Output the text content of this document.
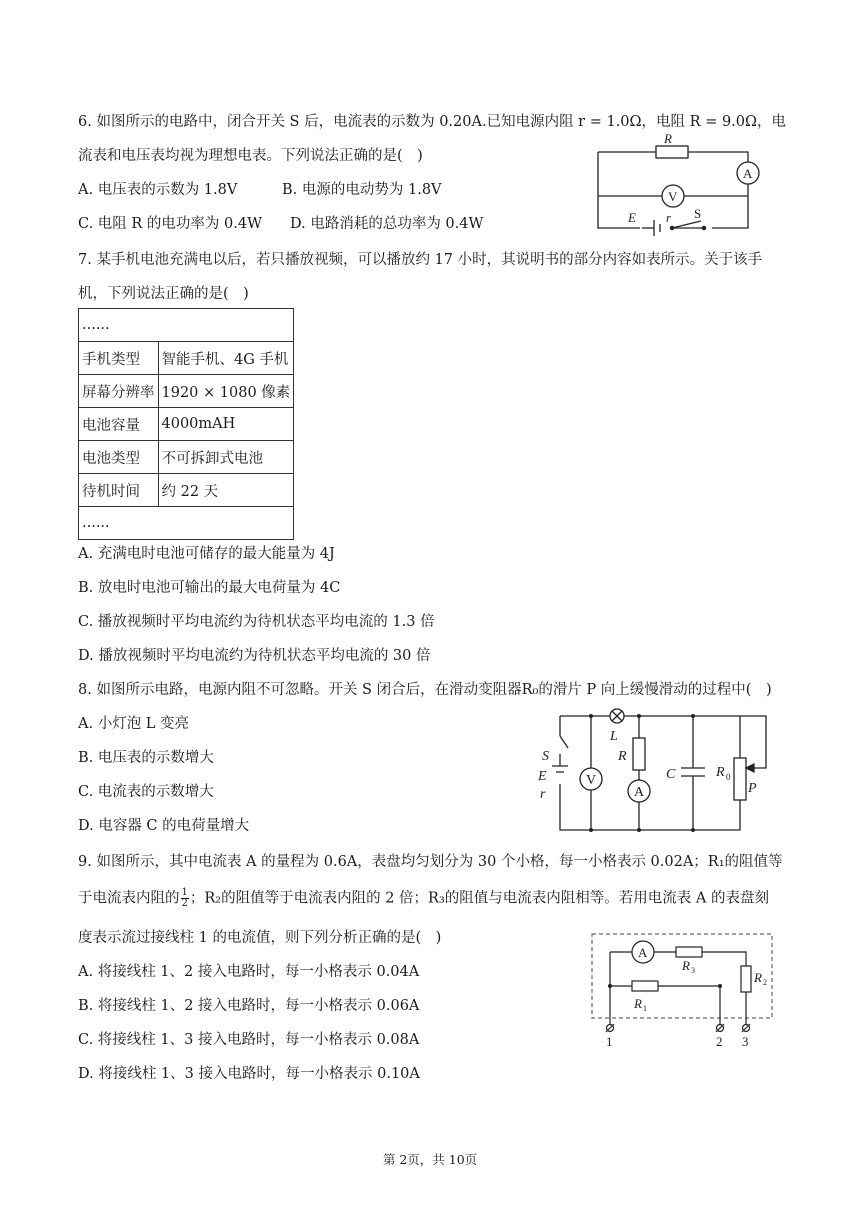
6. 如图所示的电路中，闭合开关 S 后，电流表的示数为 0.20A.已知电源内阻 r = 1.0Ω，电阻 R = 9.0Ω，电
流表和电压表均视为理想电表。下列说法正确的是(　)
A. 电压表的示数为 1.8V	B. 电源的电动势为 1.8V
C. 电阻 R 的电功率为 0.4W D. 电路消耗的总功率为 0.4W
R
A
V
E r S
7. 某手机电池充满电以后，若只播放视频，可以播放约 17 小时，其说明书的部分内容如表所示。关于该手
机，下列说法正确的是(　)
......	
手机类型	智能手机、4G 手机
屏幕分辨率	1920 × 1080 像素
电池容量	4000mAH
电池类型	不可拆卸式电池
待机时间	约 22 天
......	
A. 充满电时电池可储存的最大能量为 4J
B. 放电时电池可输出的最大电荷量为 4C
C. 播放视频时平均电流约为待机状态平均电流的 1.3 倍
D. 播放视频时平均电流约为待机状态平均电流的 30 倍
8. 如图所示电路，电源内阻不可忽略。开关 S 闭合后，在滑动变阻器R₀的滑片 P 向上缓慢滑动的过程中(　)
A. 小灯泡 L 变亮
B. 电压表的示数增大
C. 电流表的示数增大
D. 电容器 C 的电荷量增大
S
E
r
V
L
R
A
C	R 0
P
9. 如图所示，其中电流表 A 的量程为 0.6A，表盘均匀划分为 30 个小格，每一小格表示 0.02A；R₁的阻值等
于电流表内阻的 $\frac{1}{2}$ ；R₂的阻值等于电流表内阻的 2 倍；R₃的阻值与电流表内阻相等。若用电流表 A 的表盘刻
度表示流过接线柱 1 的电流值，则下列分析正确的是(　)
A. 将接线柱 1、2 接入电路时，每一小格表示 0.04A
B. 将接线柱 1、2 接入电路时，每一小格表示 0.06A
C. 将接线柱 1、3 接入电路时，每一小格表示 0.08A
D. 将接线柱 1、3 接入电路时，每一小格表示 0.10A
A
R 3
R 1
R 2
1	2 3
第 2页，共 10页
